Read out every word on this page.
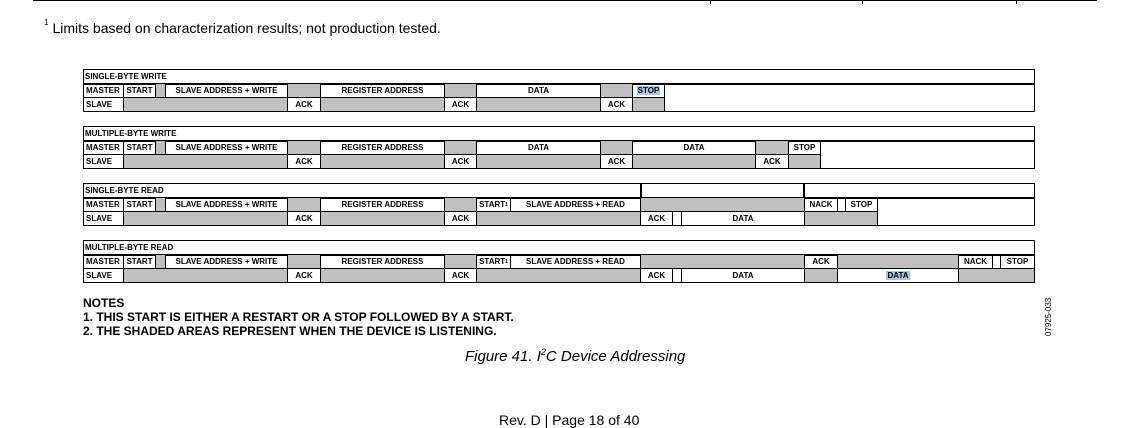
$^1$ Limits based on characterization results; not production tested.
SINGLE-BYTE WRITE
MASTER START	SLAVE ADDRESS + WRITE	REGISTER ADDRESS	DATA	STOP
SLAVE	ACK	ACK	ACK
MULTIPLE-BYTE WRITE
MASTER START	SLAVE ADDRESS + WRITE	REGISTER ADDRESS	DATA	DATA	STOP
SLAVE	ACK	ACK	ACK	ACK
SINGLE-BYTE READ
MASTER START	SLAVE ADDRESS + WRITE	REGISTER ADDRESS	START 1 SLAVE ADDRESS + READ	NACK STOP
SLAVE	ACK	ACK	ACK	DATA
MULTIPLE-BYTE READ
MASTER START	SLAVE ADDRESS + WRITE	REGISTER ADDRESS	START 1 SLAVE ADDRESS + READ	ACK	NACK STOP
SLAVE	ACK	ACK	ACK	DATA	DATA
NOTES
1. THIS START IS EITHER A RESTART OR A STOP FOLLOWED BY A START.
2. THE SHADED AREAS REPRESENT WHEN THE DEVICE IS LISTENING.
Figure 41. $I^2C$ Device Addressing
07925-033
Rev. D | Page 18 of 40
